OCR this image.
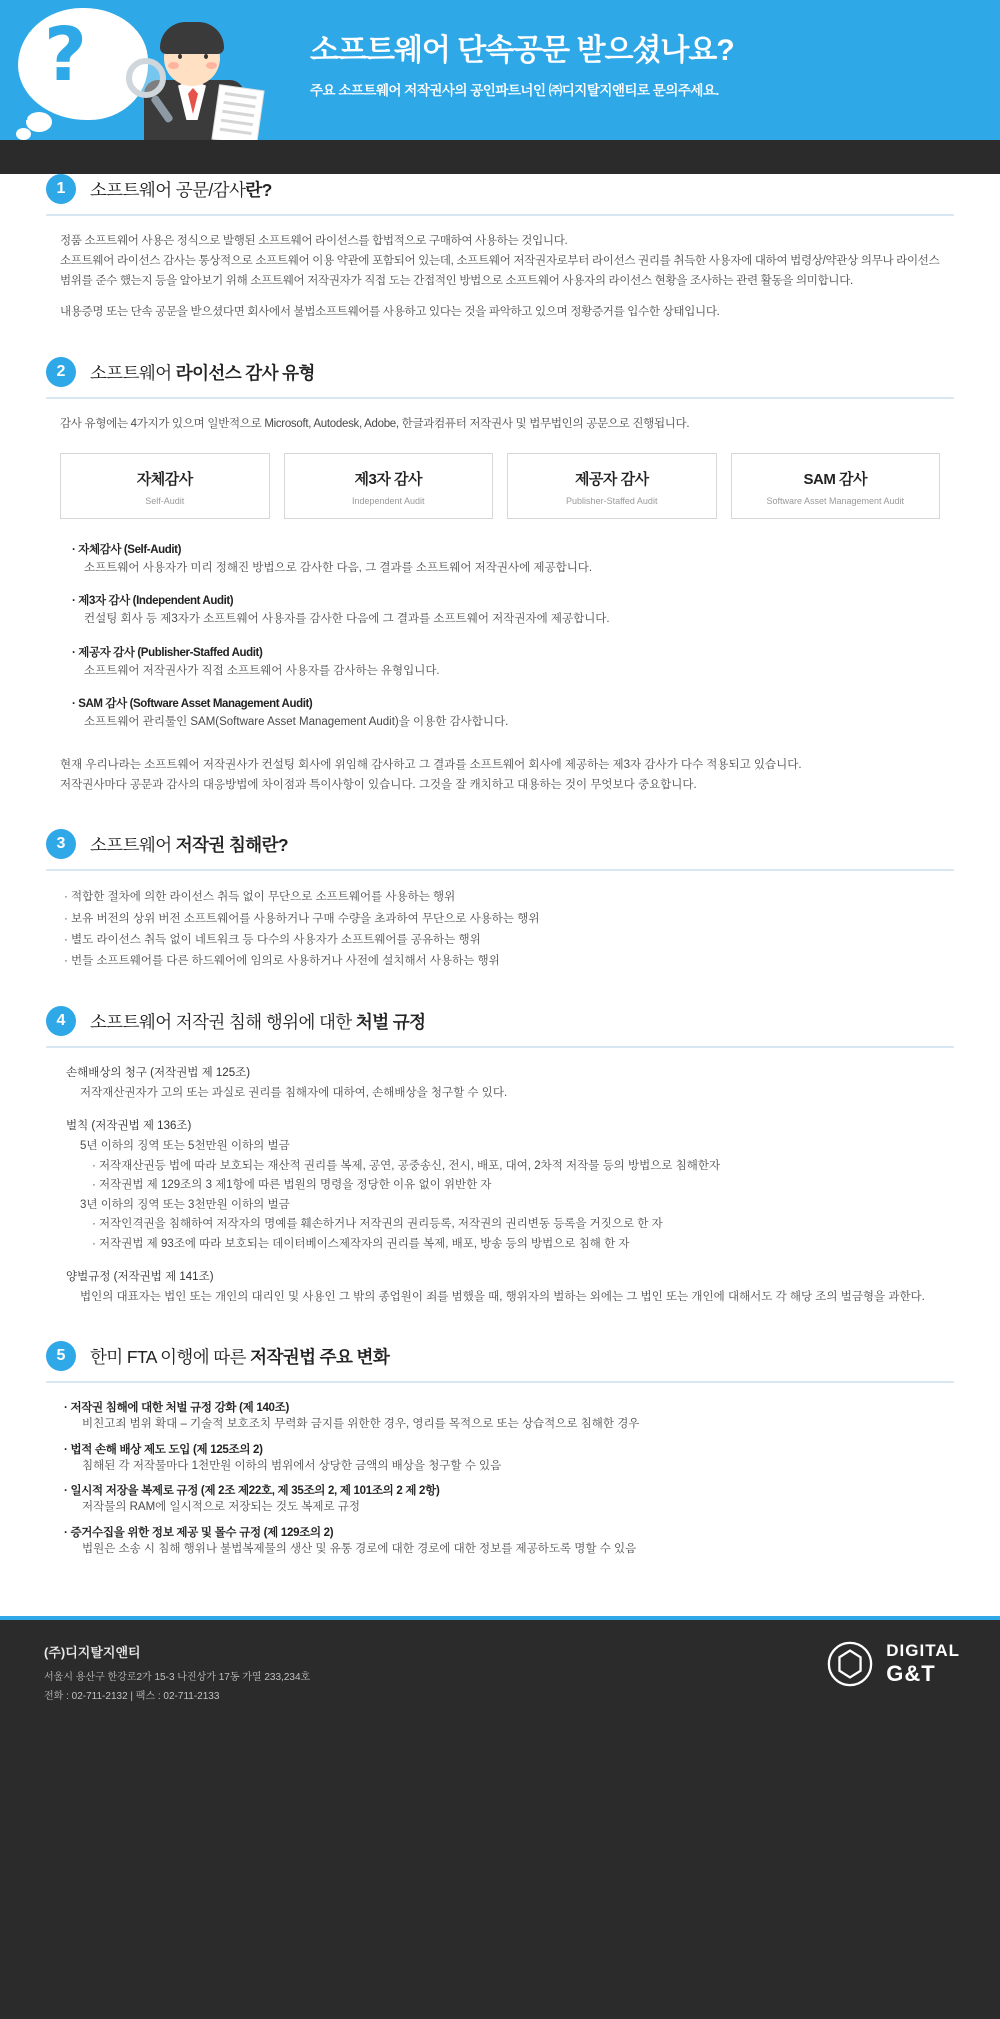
?
?
소프트웨어 단속공문 받으셨나요?

주요 소프트웨어 저작권사의 공인파트너인 ㈜디지탈지앤티로 문의주세요.

1	소프트웨어 공문/감사란?

정품 소프트웨어 사용은 정식으로 발행된 소프트웨어 라이선스를 합법적으로 구매하여 사용하는 것입니다.
소프트웨어 라이선스 감사는 통상적으로 소프트웨어 이용 약관에 포함되어 있는데, 소프트웨어 저작권자로부터 라이선스 권리를 취득한 사용자에 대하여 법령상/약관상 의무나 라이선스 범위를 준수 했는지 등을 알아보기 위해 소프트웨어 저작권자가 직접 도는 간접적인 방법으로 소프트웨어 사용자의 라이선스 현황을 조사하는 관련 활동을 의미합니다.

내용증명 또는 단속 공문을 받으셨다면 회사에서 불법소프트웨어를 사용하고 있다는 것을 파악하고 있으며 정황증거를 입수한 상태입니다.

2	소프트웨어 라이선스 감사 유형

감사 유형에는 4가지가 있으며 일반적으로 Microsoft, Autodesk, Adobe, 한글과컴퓨터 저작권사 및 법무법인의 공문으로 진행됩니다.

자체감사
Self-Audit
제3자 감사
Independent Audit
제공자 감사
Publisher-Staffed Audit
SAM 감사
Software Asset Management Audit
· 자체감사 (Self-Audit)
소프트웨어 사용자가 미리 정해진 방법으로 감사한 다음, 그 결과를 소프트웨어 저작권사에 제공합니다.
· 제3자 감사 (Independent Audit)
컨설팅 회사 등 제3자가 소프트웨어 사용자를 감사한 다음에 그 결과를 소프트웨어 저작권자에 제공합니다.
· 제공자 감사 (Publisher-Staffed Audit)
소프트웨어 저작권사가 직접 소프트웨어 사용자를 감사하는 유형입니다.
· SAM 감사 (Software Asset Management Audit)
소프트웨어 관리툴인 SAM(Software Asset Management Audit)을 이용한 감사합니다.
현재 우리나라는 소프트웨어 저작권사가 컨설팅 회사에 위임해 감사하고 그 결과를 소프트웨어 회사에 제공하는 제3자 감사가 다수 적용되고 있습니다.
저작권사마다 공문과 감사의 대응방법에 차이점과 특이사항이 있습니다. 그것을 잘 캐치하고 대용하는 것이 무엇보다 중요합니다.
3	소프트웨어 저작권 침해란?
· 적합한 절차에 의한 라이선스 취득 없이 무단으로 소프트웨어를 사용하는 행위
· 보유 버전의 상위 버전 소프트웨어를 사용하거나 구매 수량을 초과하여 무단으로 사용하는 행위
· 별도 라이선스 취득 없이 네트워크 등 다수의 사용자가 소프트웨어를 공유하는 행위
· 번들 소프트웨어를 다른 하드웨어에 임의로 사용하거나 사전에 설치해서 사용하는 행위
4	소프트웨어 저작권 침해 행위에 대한 처벌 규정
손해배상의 청구 (저작권법 제 125조)
저작재산권자가 고의 또는 과실로 권리를 침해자에 대하여, 손해배상을 청구할 수 있다.
벌칙 (저작권법 제 136조)
5년 이하의 징역 또는 5천만원 이하의 벌금
· 저작재산권등 법에 따라 보호되는 재산적 권리를 복제, 공연, 공중송신, 전시, 배포, 대여, 2차적 저작물 등의 방법으로 침해한자
· 저작권법 제 129조의 3 제1항에 따른 법원의 명령을 정당한 이유 없이 위반한 자
3년 이하의 징역 또는 3천만원 이하의 벌금
· 저작인격권을 침해하여 저작자의 명예를 훼손하거나 저작권의 권리등록, 저작권의 권리변동 등록을 거짓으로 한 자
· 저작권법 제 93조에 따라 보호되는 데이터베이스제작자의 권리를 복제, 배포, 방송 등의 방법으로 침해 한 자
양벌규정 (저작권법 제 141조)
법인의 대표자는 법인 또는 개인의 대리인 및 사용인 그 밖의 종업원이 죄를 범했을 때, 행위자의 벌하는 외에는 그 법인 또는 개인에 대해서도 각 해당 조의 벌금형을 과한다.
5	한미 FTA 이행에 따른 저작권법 주요 변화
· 저작권 침해에 대한 처벌 규정 강화 (제 140조)
비친고죄 범위 확대 – 기술적 보호조치 무력화 금지를 위한한 경우, 영리를 목적으로 또는 상습적으로 침해한 경우
· 법적 손해 배상 제도 도입 (제 125조의 2)
침해된 각 저작물마다 1천만원 이하의 범위에서 상당한 금액의 배상을 청구할 수 있음
· 일시적 저장을 복제로 규정 (제 2조 제22호, 제 35조의 2, 제 101조의 2 제 2항)
저작물의 RAM에 일시적으로 저장되는 것도 복제로 규정
· 증거수집을 위한 정보 제공 및 몰수 규정 (제 129조의 2)
법원은 소송 시 침해 행위나 불법복제물의 생산 및 유통 경로에 대한 경로에 대한 정보를 제공하도록 명할 수 있음
(주)디지탈지앤티
서울시 용산구 한강로2가 15-3 나진상가 17동 가열 233,234호
전화 : 02-711-2132 | 팩스 : 02-711-2133
DIGITAL
G&T
